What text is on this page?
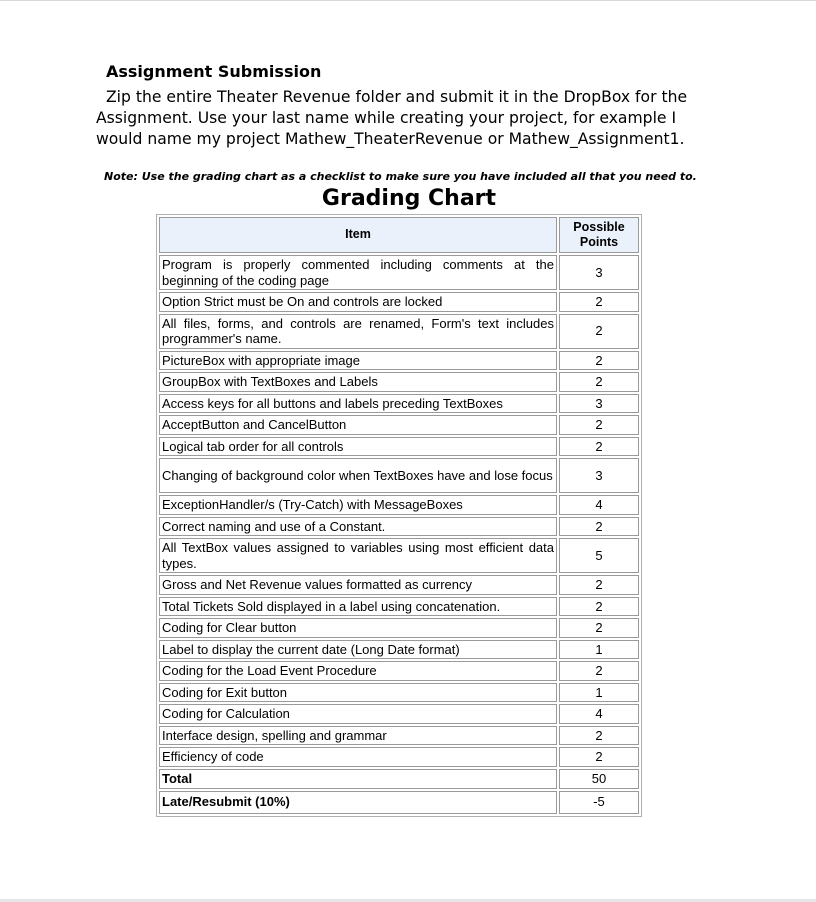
Assignment Submission

Zip the entire Theater Revenue folder and submit it in the DropBox for the Assignment. Use your last name while creating your project, for example I would name my project Mathew_TheaterRevenue or Mathew_Assignment1.

Note: Use the grading chart as a checklist to make sure you have included all that you need to.

Grading Chart
Item	Possible Points
Program is properly commented including comments at the beginning of the coding page	3
Option Strict must be On and controls are locked	2
All files, forms, and controls are renamed, Form's text includes programmer's name.	2
PictureBox with appropriate image	2
GroupBox with TextBoxes and Labels	2
Access keys for all buttons and labels preceding TextBoxes	3
AcceptButton and CancelButton	2
Logical tab order for all controls	2
Changing of background color when TextBoxes have and lose focus	3
ExceptionHandler/s (Try-Catch) with MessageBoxes	4
Correct naming and use of a Constant.	2
All TextBox values assigned to variables using most efficient data types.	5
Gross and Net Revenue values formatted as currency	2
Total Tickets Sold displayed in a label using concatenation.	2
Coding for Clear button	2
Label to display the current date (Long Date format)	1
Coding for the Load Event Procedure	2
Coding for Exit button	1
Coding for Calculation	4
Interface design, spelling and grammar	2
Efficiency of code	2
Total	50
Late/Resubmit (10%)	-5
